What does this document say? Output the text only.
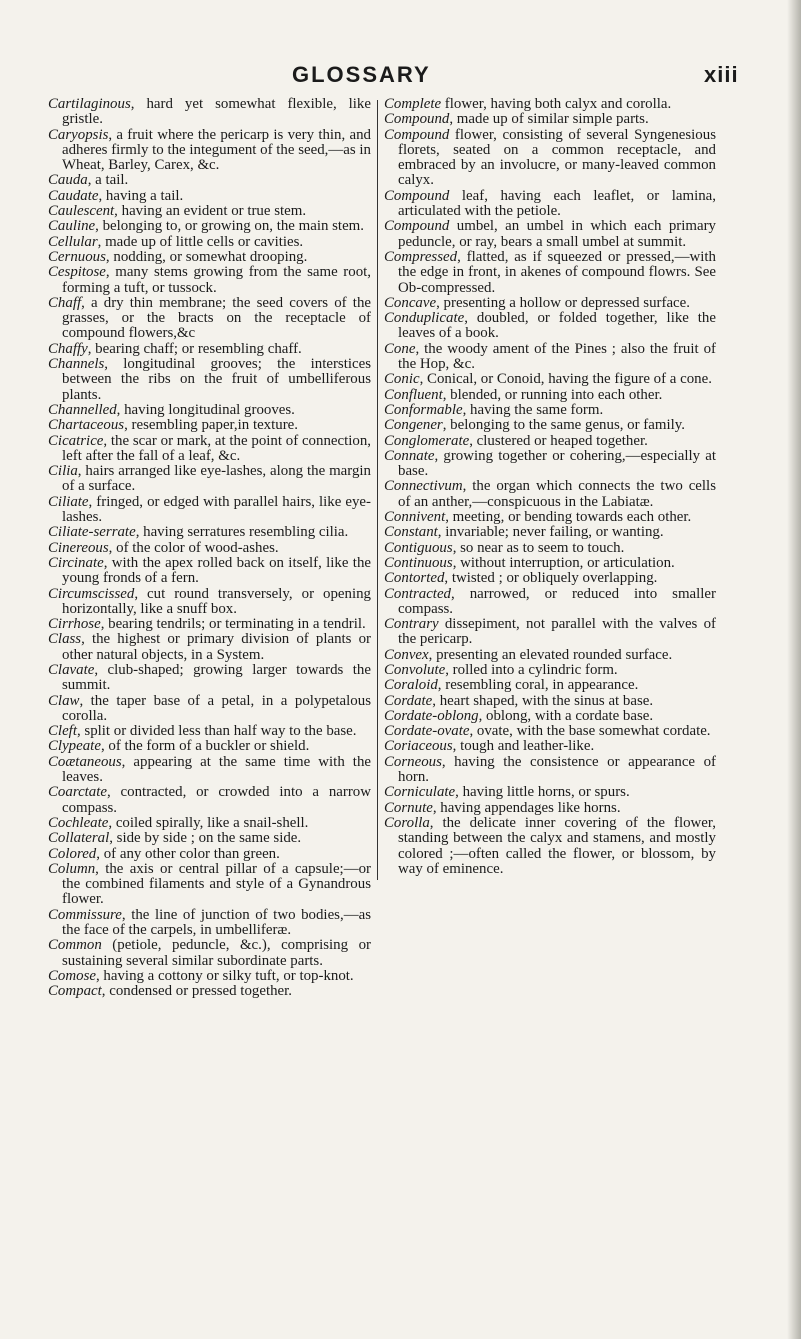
GLOSSARY	xiii
Cartilaginous, hard yet somewhat flexible, like gristle.
Caryopsis, a fruit where the pericarp is very thin, and adheres firmly to the integument of the seed,—as in Wheat, Barley, Carex, &c.
Cauda, a tail.
Caudate, having a tail.
Caulescent, having an evident or true stem.
Cauline, belonging to, or growing on, the main stem.
Cellular, made up of little cells or cavities.
Cernuous, nodding, or somewhat drooping.
Cespitose, many stems growing from the same root, forming a tuft, or tussock.
Chaff, a dry thin membrane; the seed covers of the grasses, or the bracts on the receptacle of compound flowers,&c
Chaffy, bearing chaff; or resembling chaff.
Channels, longitudinal grooves; the interstices between the ribs on the fruit of umbelliferous plants.
Channelled, having longitudinal grooves.
Chartaceous, resembling paper,in texture.
Cicatrice, the scar or mark, at the point of connection, left after the fall of a leaf, &c.
Cilia, hairs arranged like eye-lashes, along the margin of a surface.
Ciliate, fringed, or edged with parallel hairs, like eye-lashes.
Ciliate-serrate, having serratures resembling cilia.
Cinereous, of the color of wood-ashes.
Circinate, with the apex rolled back on itself, like the young fronds of a fern.
Circumscissed, cut round transversely, or opening horizontally, like a snuff box.
Cirrhose, bearing tendrils; or terminating in a tendril.
Class, the highest or primary division of plants or other natural objects, in a System.
Clavate, club-shaped; growing larger towards the summit.
Claw, the taper base of a petal, in a polypetalous corolla.
Cleft, split or divided less than half way to the base.
Clypeate, of the form of a buckler or shield.
Coætaneous, appearing at the same time with the leaves.
Coarctate, contracted, or crowded into a narrow compass.
Cochleate, coiled spirally, like a snail-shell.
Collateral, side by side ; on the same side.
Colored, of any other color than green.
Column, the axis or central pillar of a capsule;—or the combined filaments and style of a Gynandrous flower.
Commissure, the line of junction of two bodies,—as the face of the carpels, in umbelliferæ.
Common (petiole, peduncle, &c.), comprising or sustaining several similar subordinate parts.
Comose, having a cottony or silky tuft, or top-knot.
Compact, condensed or pressed together.
Complete flower, having both calyx and corolla.
Compound, made up of similar simple parts.
Compound flower, consisting of several Syngenesious florets, seated on a common receptacle, and embraced by an involucre, or many-leaved common calyx.
Compound leaf, having each leaflet, or lamina, articulated with the petiole.
Compound umbel, an umbel in which each primary peduncle, or ray, bears a small umbel at summit.
Compressed, flatted, as if squeezed or pressed,—with the edge in front, in akenes of compound flowrs. See Ob-compressed.
Concave, presenting a hollow or depressed surface.
Conduplicate, doubled, or folded together, like the leaves of a book.
Cone, the woody ament of the Pines ; also the fruit of the Hop, &c.
Conic, Conical, or Conoid, having the figure of a cone.
Confluent, blended, or running into each other.
Conformable, having the same form.
Congener, belonging to the same genus, or family.
Conglomerate, clustered or heaped together.
Connate, growing together or cohering,—especially at base.
Connectivum, the organ which connects the two cells of an anther,—conspicuous in the Labiatæ.
Connivent, meeting, or bending towards each other.
Constant, invariable; never failing, or wanting.
Contiguous, so near as to seem to touch.
Continuous, without interruption, or articulation.
Contorted, twisted ; or obliquely overlapping.
Contracted, narrowed, or reduced into smaller compass.
Contrary dissepiment, not parallel with the valves of the pericarp.
Convex, presenting an elevated rounded surface.
Convolute, rolled into a cylindric form.
Coraloid, resembling coral, in appearance.
Cordate, heart shaped, with the sinus at base.
Cordate-oblong, oblong, with a cordate base.
Cordate-ovate, ovate, with the base somewhat cordate.
Coriaceous, tough and leather-like.
Corneous, having the consistence or appearance of horn.
Corniculate, having little horns, or spurs.
Cornute, having appendages like horns.
Corolla, the delicate inner covering of the flower, standing between the calyx and stamens, and mostly colored ;—often called the flower, or blossom, by way of eminence.
